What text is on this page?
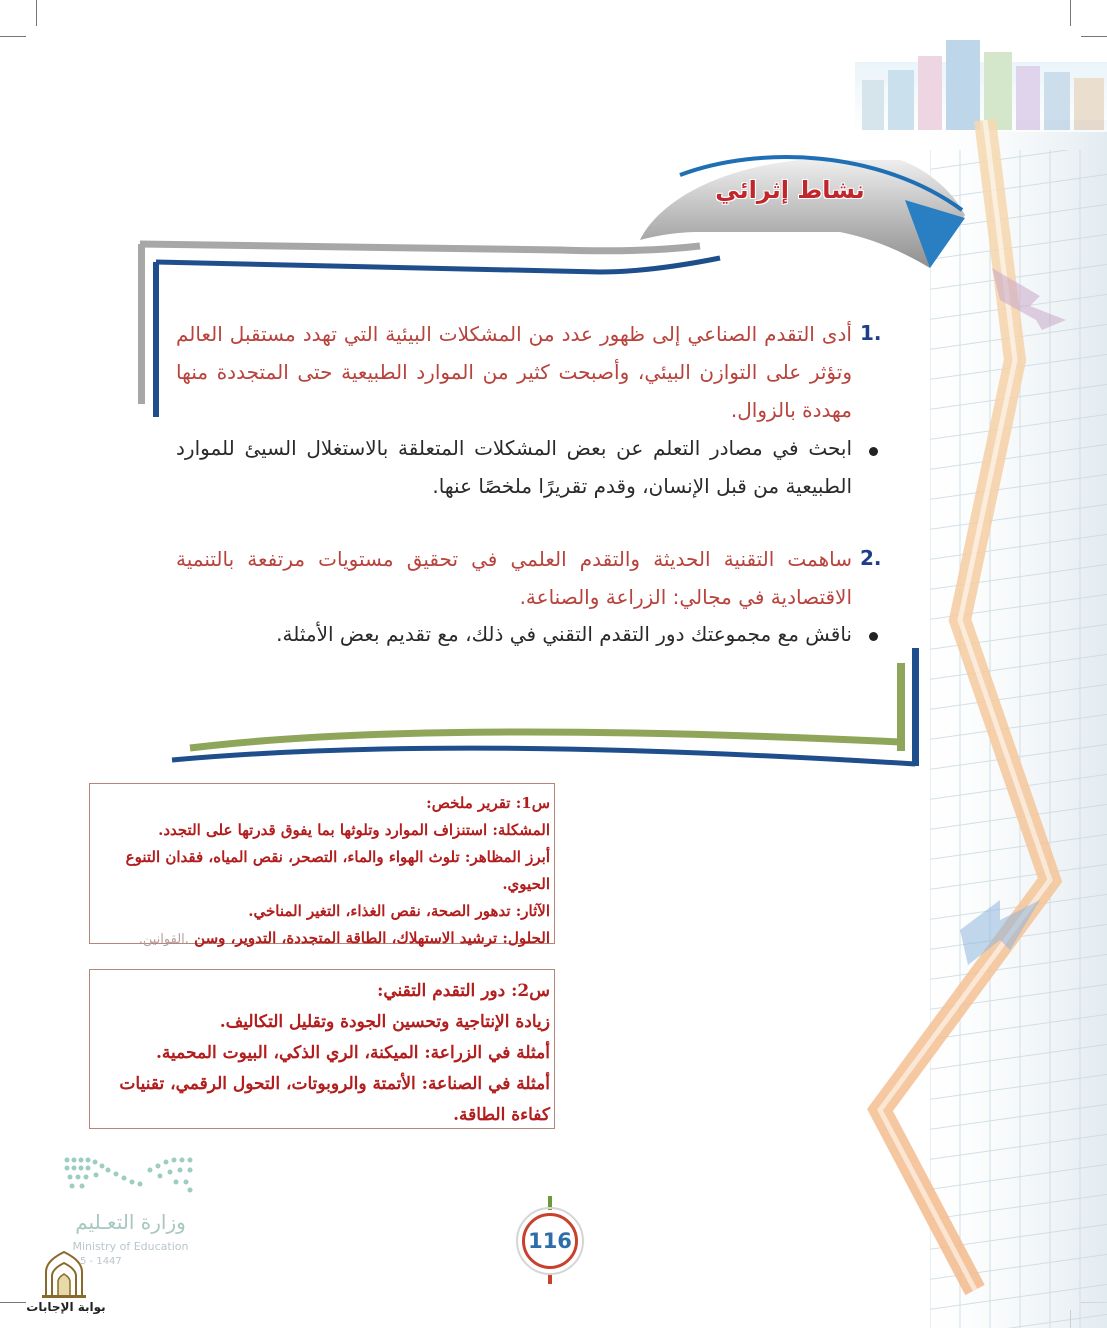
نشاط إثرائي
1.
أدى التقدم الصناعي إلى ظهور عدد من المشكلات البيئية التي تهدد مستقبل العالم وتؤثر على التوازن البيئي، وأصبحت كثير من الموارد الطبيعية حتى المتجددة منها مهددة بالزوال.
ابحث في مصادر التعلم عن بعض المشكلات المتعلقة بالاستغلال السيئ للموارد الطبيعية من قبل الإنسان، وقدم تقريرًا ملخصًا عنها.
2.
ساهمت التقنية الحديثة والتقدم العلمي في تحقيق مستويات مرتفعة بالتنمية الاقتصادية في مجالي: الزراعة والصناعة.
ناقش مع مجموعتك دور التقدم التقني في ذلك، مع تقديم بعض الأمثلة.
س1: تقرير ملخص:
المشكلة: استنزاف الموارد وتلوثها بما يفوق قدرتها على التجدد.
أبرز المظاهر: تلوث الهواء والماء، التصحر، نقص المياه، فقدان التنوع الحيوي.
الآثار: تدهور الصحة، نقص الغذاء، التغير المناخي.
الحلول: ترشيد الاستهلاك، الطاقة المتجددة، التدوير، وسن .القوانين.
س2: دور التقدم التقني:
زيادة الإنتاجية وتحسين الجودة وتقليل التكاليف.
أمثلة في الزراعة: الميكنة، الري الذكي، البيوت المحمية.
أمثلة في الصناعة: الأتمتة والروبوتات، التحول الرقمي، تقنيات كفاءة الطاقة.
وزارة التعـليم
Ministry of Education
5 - 1447
116
بوابة الإجابات
